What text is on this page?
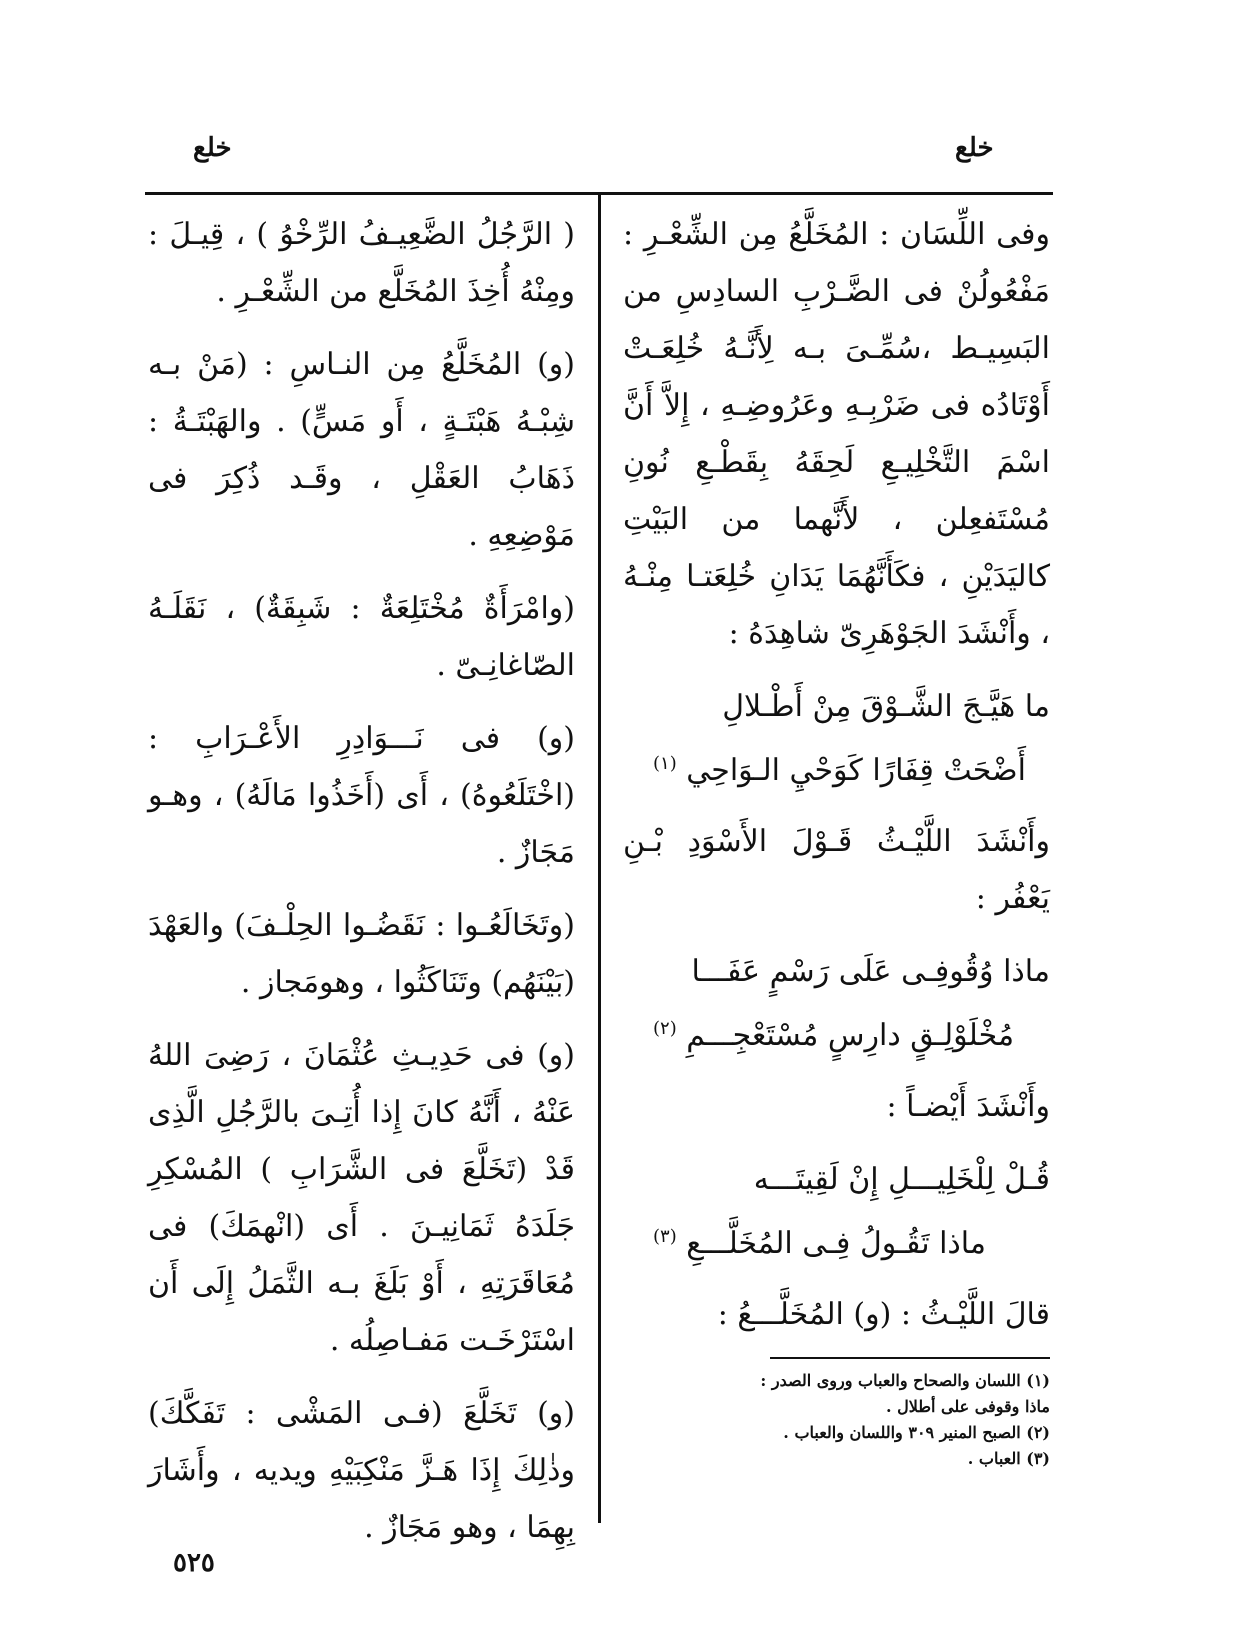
خلع
خلع

وفى اللِّسَان : المُخَلَّعُ مِن الشِّعْـرِ : مَفْعُولُنْ فى الضَّـرْبِ السادِسِ من البَسِيـط ،سُمِّـىَ بـه لِأَنَّـهُ خُلِعَـتْ أَوْتَادُه فى ضَرْبِـهِ وعَرُوضِـهِ ، إِلاَّ أَنَّ اسْمَ التَّخْلِيـعِ لَحِقَهُ بِقَطْـعِ نُونِ مُسْتَفعِلن ، لأَنَّهما من البَيْتِ كاليَدَيْنِ ، فكَأَنَّهُمَا يَدَانِ خُلِعَتـا مِنْـهُ ، وأَنْشَدَ الجَوْهَرِىّ شاهِدَهُ :

ما هَيَّـجَ الشَّـوْقَ مِنْ أَطْـلالِ
أَضْحَتْ قِفَارًا كَوَحْيِ الـوَاحِي $^{(١)}$

وأَنْشَدَ اللَّيْـثُ قَـوْلَ الأَسْوَدِ بْـنِ يَعْفُر :

ماذا وُقُوفِـى عَلَى رَسْمٍ عَفَـــا
مُخْلَوْلِـقٍ دارِسٍ مُسْتَعْجِـــمِ $^{(٢)}$

وأَنْشَدَ أَيْضـاً :

قُـلْ لِلْخَلِيـــلِ إِنْ لَقِيتَـــه
ماذا تَقُـولُ فِـى المُخَلَّـــعِ $^{(٣)}$

قالَ اللَّيْـثُ : (و) المُخَلَّـــعُ :

(١) اللسان والصحاح والعباب وروى الصدر :
ماذا وقوفى على أطلال .
(٢) الصبح المنير ٣٠٩ واللسان والعباب .
(٣) العباب .

( الرَّجُلُ الضَّعِيـفُ الرِّخْوُ ) ، قِيـلَ : ومِنْهُ أُخِذَ المُخَلَّع من الشِّعْـرِ .

(و) المُخَلَّعُ مِن النـاسِ : (مَنْ بـه شِبْـهُ هَبْتَـةٍ ، أَو مَسٍّ) . والهَبْتَـةُ : ذَهَابُ العَقْلِ ، وقَـد ذُكِرَ فى مَوْضِعِهِ .

(وامْرَأَةٌ مُخْتَلِعَةٌ : شَبِقَةٌ) ، نَقَلَـهُ الصّاغانِـىّ .

(و) فى نَـــوَادِرِ الأَعْـرَابِ : (اخْتَلَعُوهُ) ، أَى (أَخَذُوا مَالَهُ) ، وهـو مَجَازٌ .

(وتَخَالَعُـوا : نَقَضُـوا الحِلْـفَ) والعَهْدَ (بَيْنَهُم) وتَنَاكَثُوا ، وهومَجاز .

(و) فى حَدِيـثِ عُثْمَانَ ، رَضِىَ اللهُ عَنْهُ ، أَنَّهُ كانَ إِذا أُتِـىَ بالرَّجُلِ الَّذِى قَدْ (تَخَلَّعَ فى الشَّرَابِ ) المُسْكِرِ جَلَدَهُ ثَمَانِيـنَ . أَى (انْهمَكَ) فى مُعَاقَرَتِهِ ، أَوْ بَلَغَ بـه الثَّمَلُ إِلَى أَن اسْتَرْخَـت مَفـاصِلُه .

(و) تَخَلَّعَ (فـى المَشْى : تَفَكَّكَ) وذٰلِكَ إِذَا هَـزَّ مَنْكِبَيْهِ ويديه ، وأَشَارَ بِهِمَا ، وهو مَجَازٌ .

٥٢٥
